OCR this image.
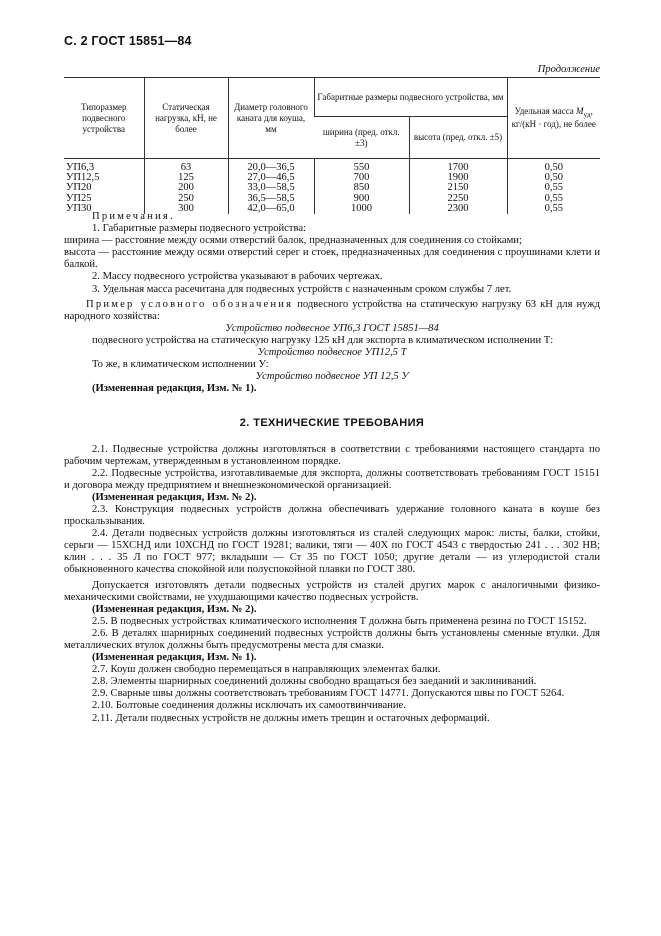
С. 2 ГОСТ 15851—84
Продолжение
Типоразмер подвесного устройства	Статическая нагрузка, кН, не более	Диаметр головного каната для коуша, мм	Габаритные размеры подвесного устройства, мм		Удельная масса $M_{уд}$, кг/(кН · год), не более
			ширина (пред. откл. ±3)	высота (пред. откл. ±5)	
УП6,3	63	20,0—36,5	550	1700	0,50
УП12,5	125	27,0—46,5	700	1900	0,50
УП20	200	33,0—58,5	850	2150	0,55
УП25	250	36,5—58,5	900	2250	0,55
УП30	300	42,0—65,0	1000	2300	0,55

Примечания.

1. Габаритные размеры подвесного устройства:

ширина — расстояние между осями отверстий балок, предназначенных для соединения со стойками;

высота — расстояние между осями отверстий серег и стоек, предназначенных для соединения с проушинами клети и балкой.

2. Массу подвесного устройства указывают в рабочих чертежах.

3. Удельная масса расечитана для подвесных устройств с назначенным сроком службы 7 лет.

Пример условного обозначения подвесного устройства на статическую нагрузку 63 кН для нужд народного хозяйства:

Устройство подвесное УП6,3 ГОСТ 15851—84

подвесного устройства на статическую нагрузку 125 кН для экспорта в климатическом исполнении Т:

Устройство подвесное УП12,5 Т

То же, в климатическом исполнении У:

Устройство подвесное УП 12,5 У

(Измененная редакция, Изм. № 1).

2. ТЕХНИЧЕСКИЕ ТРЕБОВАНИЯ

2.1. Подвесные устройства должны изготовляться в соответствии с требованиями настоящего стандарта по рабочим чертежам, утвержденным в установленном порядке.

2.2. Подвесные устройства, изготавливаемые для экспорта, должны соответствовать требованиям ГОСТ 15151 и договора между предприятием и внешнеэкономической организацией.

(Измененная редакция, Изм. № 2).

2.3. Конструкция подвесных устройств должна обеспечивать удержание головного каната в коуше без проскальзывания.

2.4. Детали подвесных устройств должны изготовляться из сталей следующих марок: листы, балки, стойки, серьги — 15ХСНД или 10ХСНД по ГОСТ 19281; валики, тяги — 40Х по ГОСТ 4543 с твердостью 241 . . . 302 НВ; клин . . . 35 Л по ГОСТ 977; вкладыши — Ст 35 по ГОСТ 1050; другие детали — из углеродистой стали обыкновенного качества спокойной или полуспокойной плавки по ГОСТ 380.

Допускается изготовлять детали подвесных устройств из сталей других марок с аналогичными физико-механическими свойствами, не ухудшающими качество подвесных устройств.

(Измененная редакция, Изм. № 2).

2.5. В подвесных устройствах климатического исполнения Т должна быть применена резина по ГОСТ 15152.

2.6. В деталях шарнирных соединений подвесных устройств должны быть установлены сменные втулки. Для металлических втулок должны быть предусмотрены места для смазки.

(Измененная редакция, Изм. № 1).

2.7. Коуш должен свободно перемещаться в направляющих элементах балки.

2.8. Элементы шарнирных соединений должны свободно вращаться без заеданий и заклиниваний.

2.9. Сварные швы должны соответствовать требованиям ГОСТ 14771. Допускаются швы по ГОСТ 5264.

2.10. Болтовые соединения должны исключать их самоотвинчивание.

2.11. Детали подвесных устройств не должны иметь трещин и остаточных деформаций.
